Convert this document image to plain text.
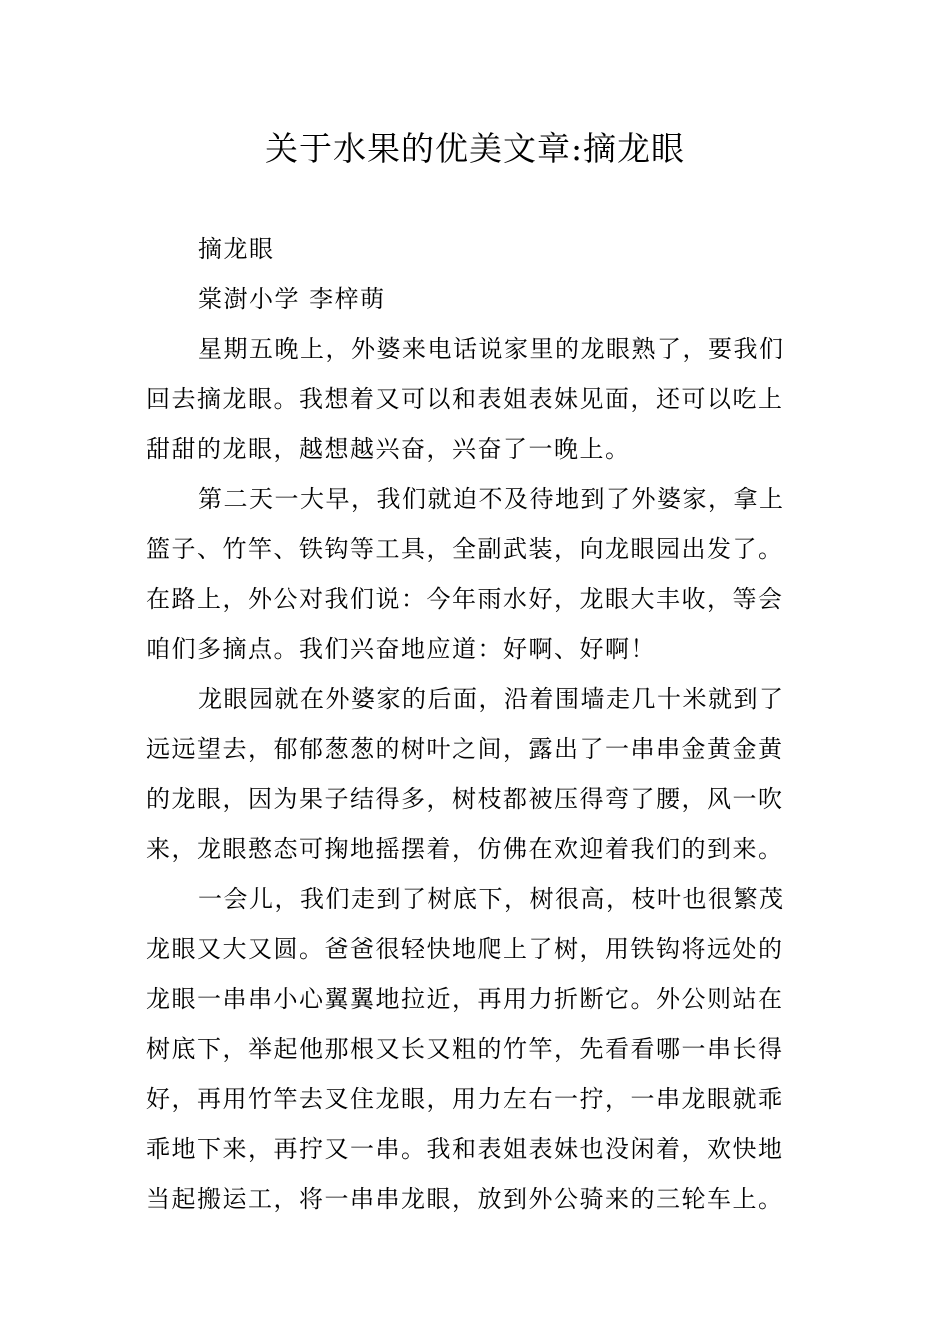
关于水果的优美文章:摘龙眼
摘龙眼
棠澍小学 李梓萌
星期五晚上，外婆来电话说家里的龙眼熟了，要我们
回去摘龙眼。我想着又可以和表姐表妹见面，还可以吃上
甜甜的龙眼，越想越兴奋，兴奋了一晚上。
第二天一大早，我们就迫不及待地到了外婆家，拿上
篮子、竹竿、铁钩等工具，全副武装，向龙眼园出发了。
在路上，外公对我们说：今年雨水好，龙眼大丰收，等会
咱们多摘点。我们兴奋地应道：好啊、好啊！
龙眼园就在外婆家的后面，沿着围墙走几十米就到了
远远望去，郁郁葱葱的树叶之间，露出了一串串金黄金黄
的龙眼，因为果子结得多，树枝都被压得弯了腰，风一吹
来，龙眼憨态可掬地摇摆着，仿佛在欢迎着我们的到来。
一会儿，我们走到了树底下，树很高，枝叶也很繁茂
龙眼又大又圆。爸爸很轻快地爬上了树，用铁钩将远处的
龙眼一串串小心翼翼地拉近，再用力折断它。外公则站在
树底下，举起他那根又长又粗的竹竿，先看看哪一串长得
好，再用竹竿去叉住龙眼，用力左右一拧，一串龙眼就乖
乖地下来，再拧又一串。我和表姐表妹也没闲着，欢快地
当起搬运工，将一串串龙眼，放到外公骑来的三轮车上。
